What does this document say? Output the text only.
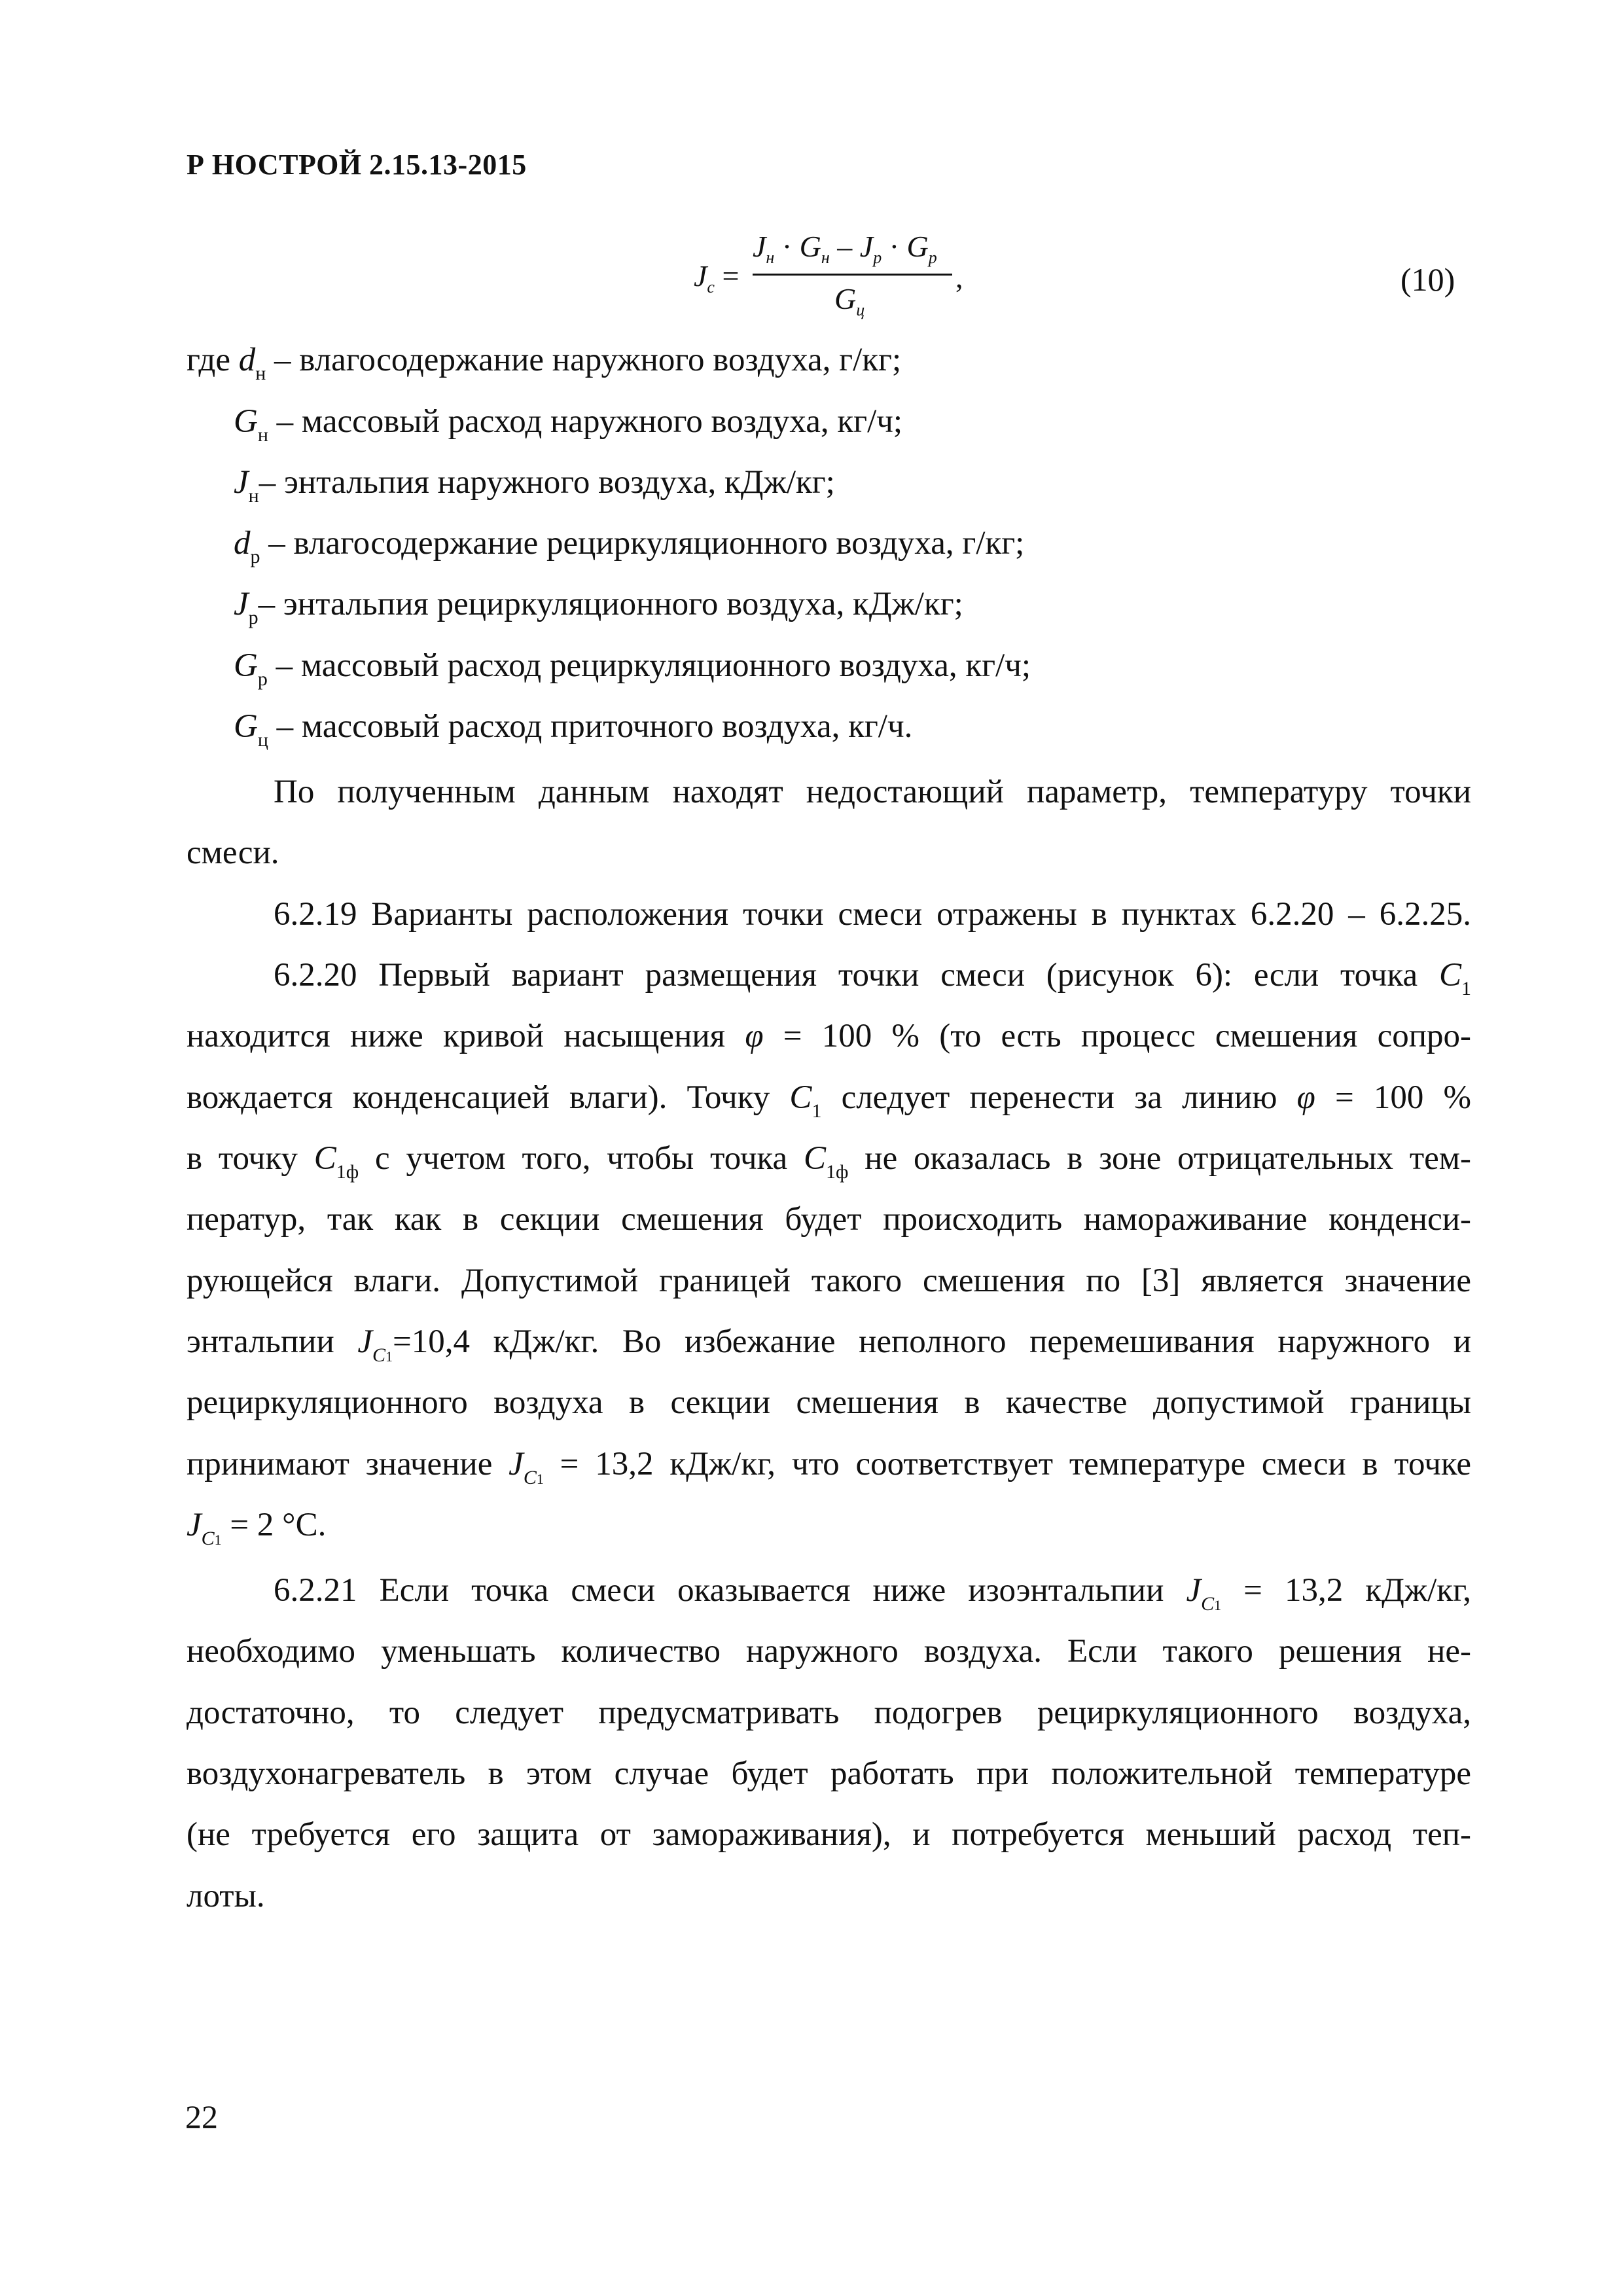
Р НОСТРОЙ 2.15.13-2015
$J_с$ =
$J_н \cdot G_н - J_р \cdot G_р$
$G_ц$
,	(10)
где $d_н$ – влагосодержание наружного воздуха, г/кг;
$G_н$ – массовый расход наружного воздуха, кг/ч;
$J_н-$ энтальпия наружного воздуха, кДж/кг;
$d_р$ – влагосодержание рециркуляционного воздуха, г/кг;
$J_р-$ энтальпия рециркуляционного воздуха, кДж/кг;
$G_р$ – массовый расход рециркуляционного воздуха, кг/ч;
$G_ц$ – массовый расход приточного воздуха, кг/ч.
По полученным данным находят недостающий параметр, температуру точки
смеси.
6.2.19 Варианты расположения точки смеси отражены в пунктах 6.2.20 – 6.2.25.
6.2.20 Первый вариант размещения точки смеси (рисунок 6): если точка $C_1$
находится ниже кривой насыщения φ = 100 % (то есть процесс смешения сопро-
вождается конденсацией влаги). Точку $C_1$ следует перенести за линию φ = 100 %
в точку $C_{1ф}$ с учетом того, чтобы точка $C_{1ф}$ не оказалась в зоне отрицательных тем-
ператур, так как в секции смешения будет происходить намораживание конденси-
рующейся влаги. Допустимой границей такого смешения по [3] является значение
энтальпии $J_{C1}=10,4$ кДж/кг. Во избежание неполного перемешивания наружного и
рециркуляционного воздуха в секции смешения в качестве допустимой границы
принимают значение $J_{C1} = 13,2$ кДж/кг, что соответствует температуре смеси в точке
$J_{C1} = 2$ °С.
6.2.21 Если точка смеси оказывается ниже изоэнтальпии $J_{C1} = 13,2$ кДж/кг,
необходимо уменьшать количество наружного воздуха. Если такого решения не-
достаточно, то следует предусматривать подогрев рециркуляционного воздуха,
воздухонагреватель в этом случае будет работать при положительной температуре
(не требуется его защита от замораживания), и потребуется меньший расход теп-
лоты.
22
